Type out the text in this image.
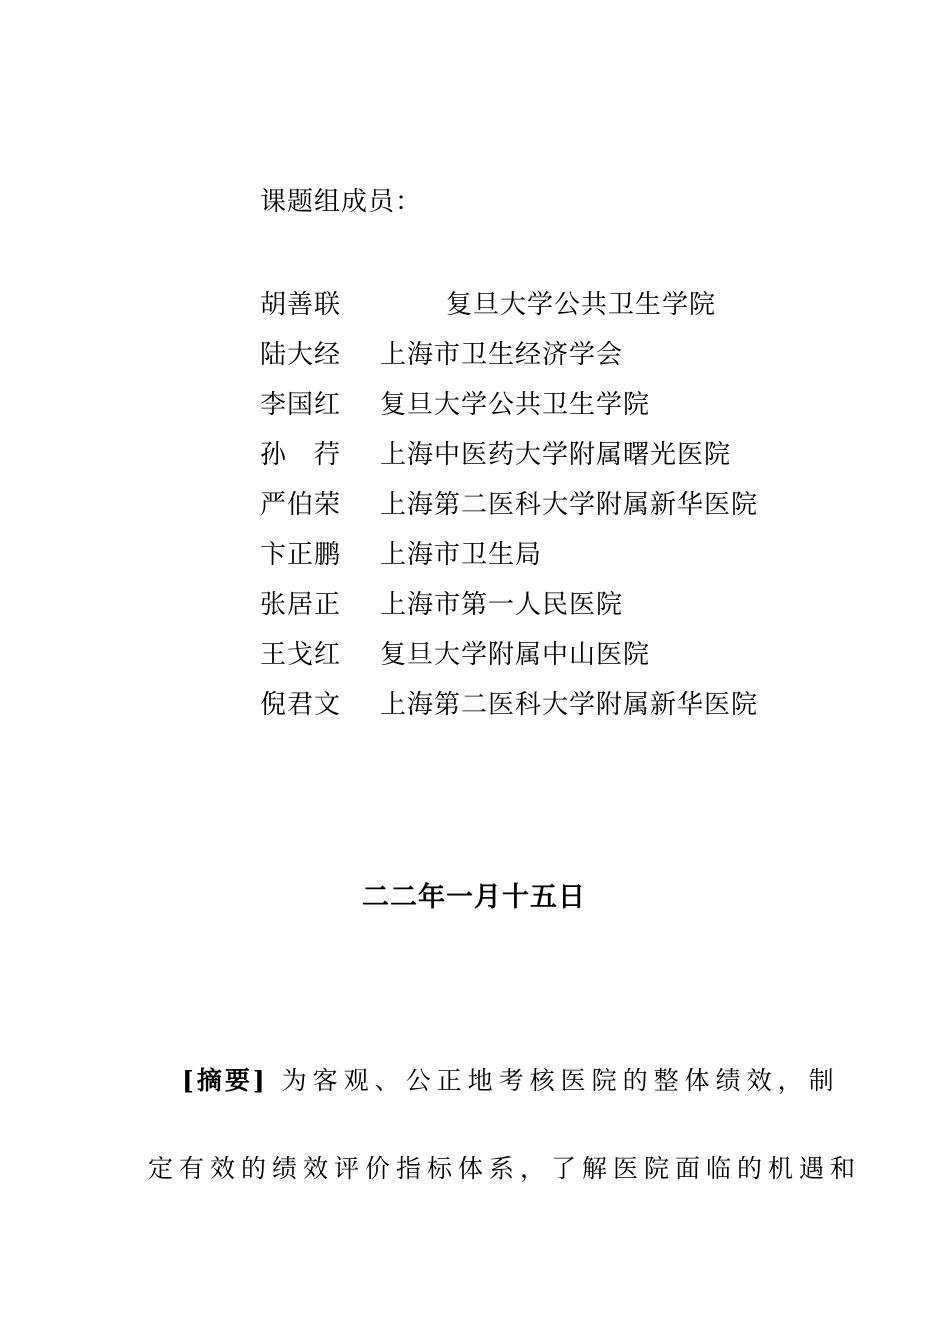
课题组成员：
胡善联	复旦大学公共卫生学院
陆大经	上海市卫生经济学会
李国红	复旦大学公共卫生学院
孙　荇	上海中医药大学附属曙光医院
严伯荣	上海第二医科大学附属新华医院
卞正鹏	上海市卫生局
张居正	上海市第一人民医院
王戈红	复旦大学附属中山医院
倪君文	上海第二医科大学附属新华医院
二二年一月十五日
[摘要] 为客观、公正地考核医院的整体绩效，制
定有效的绩效评价指标体系，了解医院面临的机遇和
